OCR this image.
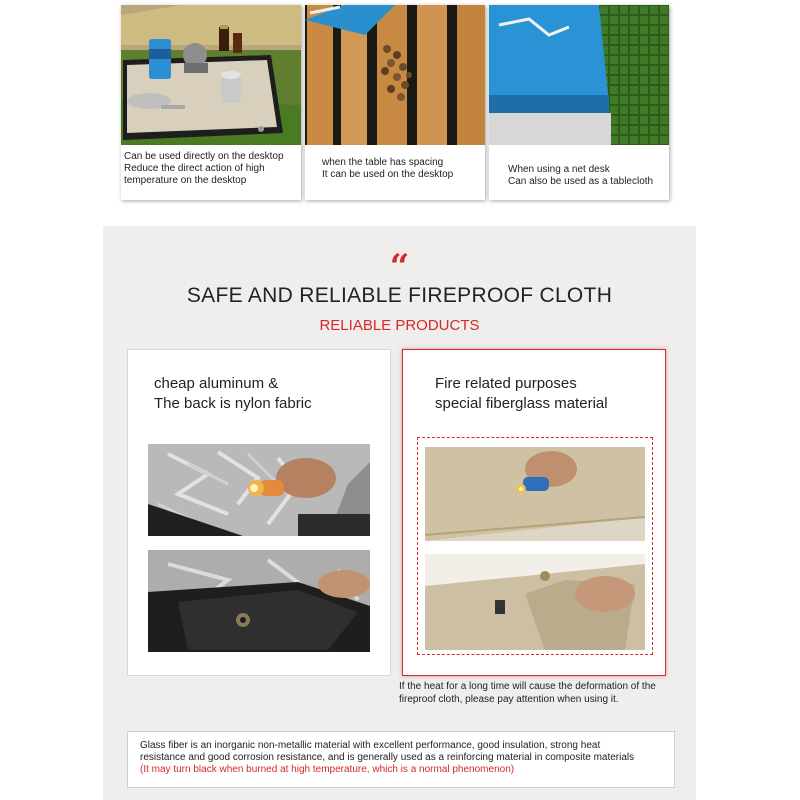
Can be used directly on the desktop
Reduce the direct action of high
temperature on the desktop
when the table has spacing
It can be used on the desktop	When using a net desk
Can also be used as a tablecloth
“
SAFE AND RELIABLE FIREPROOF CLOTH
RELIABLE PRODUCTS
cheap aluminum &
The back is nylon fabric
Fire related purposes
special fiberglass material
If the heat for a long time will cause the deformation of the
fireproof cloth, please pay attention when using it.
Glass fiber is an inorganic non-metallic material with excellent performance, good insulation, strong heat
resistance and good corrosion resistance, and is generally used as a reinforcing material in composite materials
(It may turn black when burned at high temperature, which is a normal phenomenon)
